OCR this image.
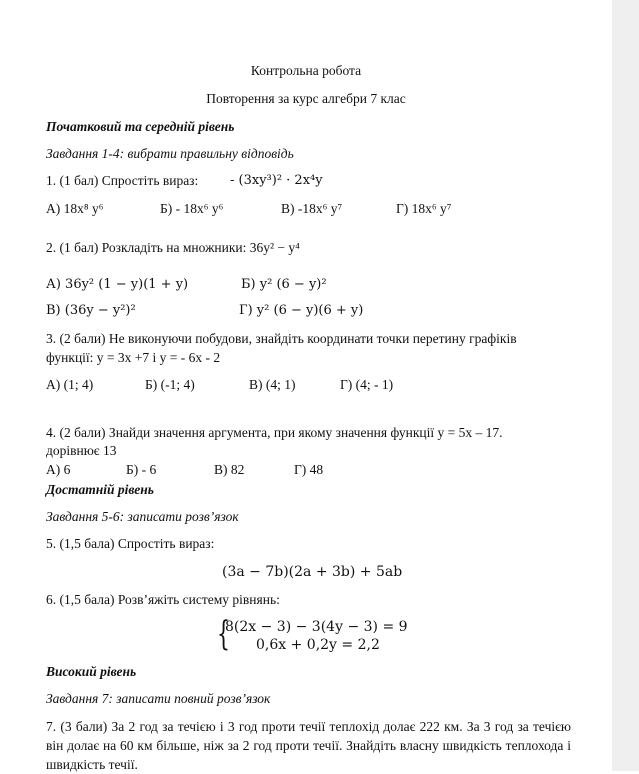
Контрольна робота
Повторення за курс алгебри 7 клас
Початковий та середній рівень
Завдання 1-4: вибрати правильну відповідь
1. (1 бал) Спростіть вираз: - (3xy³)² · 2x⁴y
А) 18x⁸ y⁶	Б) - 18x⁶ y⁶	В) -18x⁶ y⁷	Г) 18x⁶ y⁷
2. (1 бал) Розкладіть на множники: 36y² − y⁴
А) 36y² (1 − y)(1 + y)	Б) y² (6 − y)²
В) (36y − y²)²	Г) y² (6 − y)(6 + y)
3. (2 бали) Не виконуючи побудови, знайдіть координати точки перетину графіків
функції: y = 3x +7 і y = - 6x - 2
А) (1; 4)	Б) (-1; 4)	В) (4; 1)	Г) (4; - 1)
4. (2 бали) Знайди значення аргумента, при якому значення функції y = 5x – 17.
дорівнює 13
А) 6	Б) - 6	В) 82	Г) 48
Достатній рівень
Завдання 5-6: записати розв’язок
5. (1,5 бала) Спростіть вираз:
(3a − 7b)(2a + 3b) + 5ab
6. (1,5 бала) Розв’яжіть систему рівнянь:
{
8(2x − 3) − 3(4y − 3) = 9
0,6x + 0,2y = 2,2
Високий рівень
Завдання 7: записати повний розв’язок
7. (3 бали) За 2 год за течією і 3 год проти течії теплохід долає 222 км. За 3 год за течією він долає на 60 км більше, ніж за 2 год проти течії. Знайдіть власну швидкість теплохода і швидкість течії.
